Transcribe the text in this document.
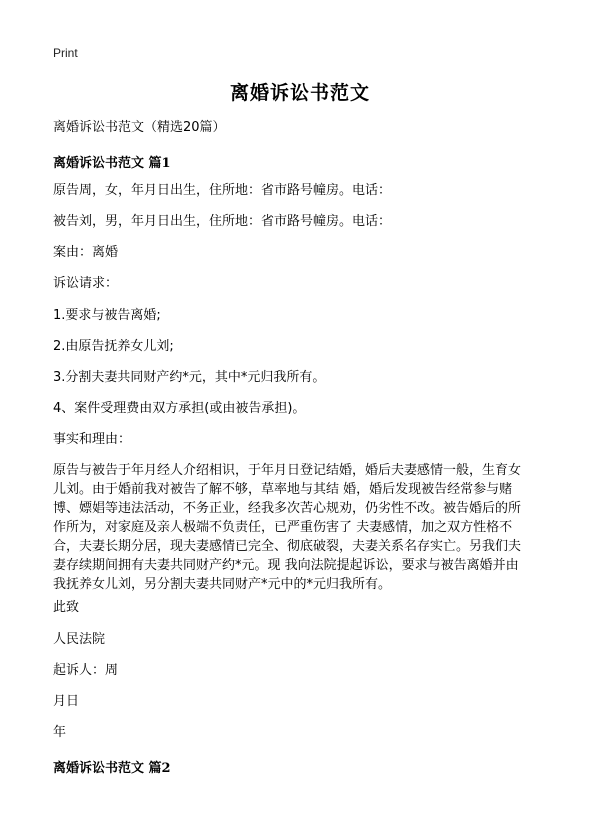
Print
离婚诉讼书范文
离婚诉讼书范文（精选20篇）
离婚诉讼书范文 篇1
原告周，女，年月日出生，住所地：省市路号幢房。电话：
被告刘，男，年月日出生，住所地：省市路号幢房。电话：
案由：离婚
诉讼请求：
1.要求与被告离婚;
2.由原告抚养女儿刘;
3.分割夫妻共同财产约*元，其中*元归我所有。
4、案件受理费由双方承担(或由被告承担)。
事实和理由：
原告与被告于年月经人介绍相识，于年月日登记结婚，婚后夫妻感情一般，生育女
儿刘。由于婚前我对被告了解不够，草率地与其结 婚，婚后发现被告经常参与赌
博、嫖娼等违法活动，不务正业，经我多次苦心规劝，仍劣性不改。被告婚后的所
作所为，对家庭及亲人极端不负责任，已严重伤害了 夫妻感情，加之双方性格不
合，夫妻长期分居，现夫妻感情已完全、彻底破裂，夫妻关系名存实亡。另我们夫
妻存续期间拥有夫妻共同财产约*元。现 我向法院提起诉讼，要求与被告离婚并由
我抚养女儿刘，另分割夫妻共同财产*元中的*元归我所有。
此致
人民法院
起诉人：周
月日
年
离婚诉讼书范文 篇2
